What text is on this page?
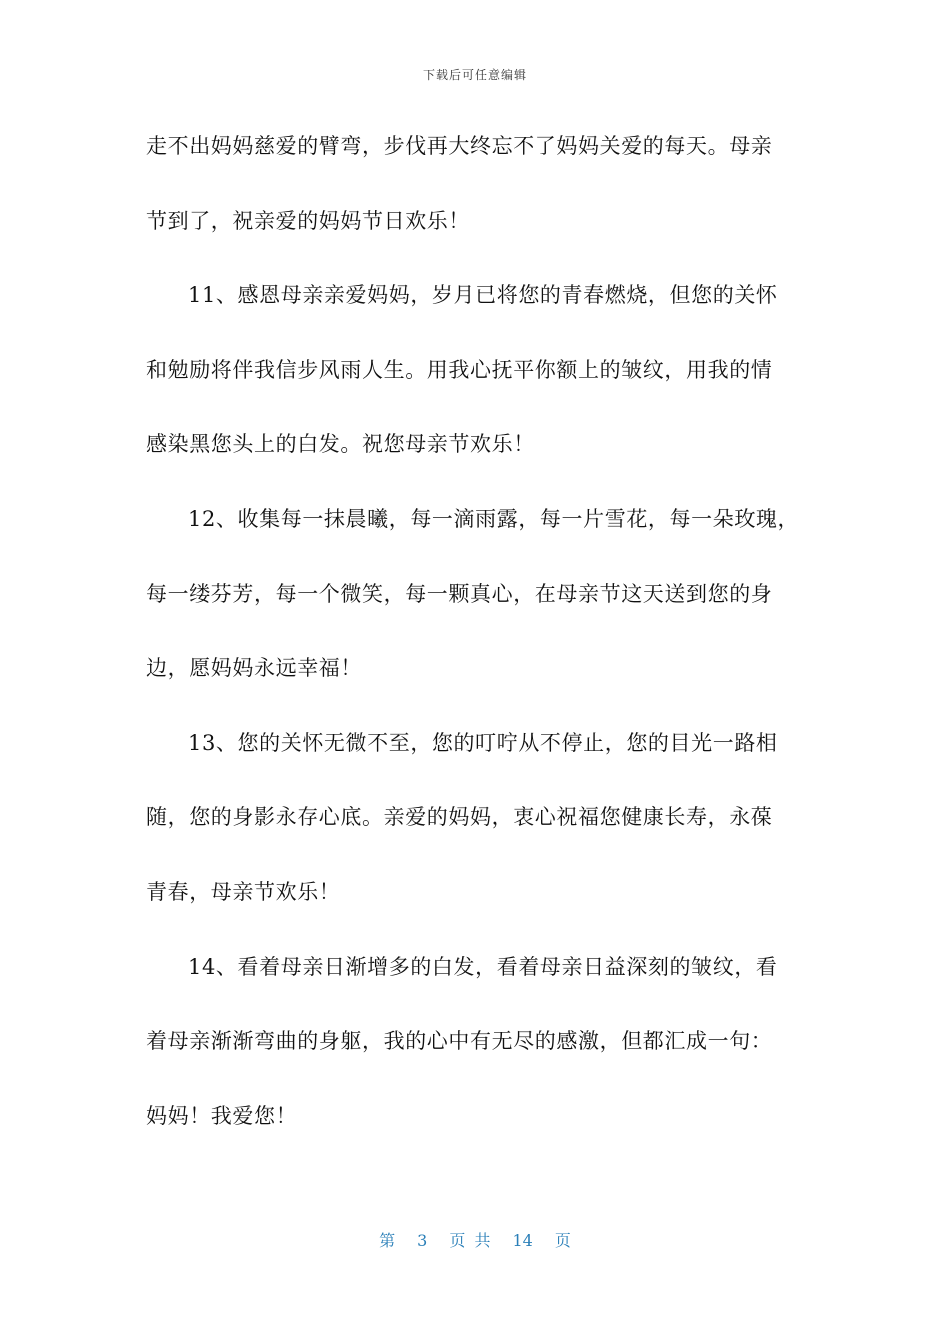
下载后可任意编辑
走不出妈妈慈爱的臂弯，步伐再大终忘不了妈妈关爱的每天。母亲
节到了，祝亲爱的妈妈节日欢乐！
11、感恩母亲亲爱妈妈，岁月已将您的青春燃烧，但您的关怀
和勉励将伴我信步风雨人生。用我心抚平你额上的皱纹，用我的情
感染黑您头上的白发。祝您母亲节欢乐！
12、收集每一抹晨曦，每一滴雨露，每一片雪花，每一朵玫瑰，
每一缕芬芳，每一个微笑，每一颗真心，在母亲节这天送到您的身
边，愿妈妈永远幸福！
13、您的关怀无微不至，您的叮咛从不停止，您的目光一路相
随，您的身影永存心底。亲爱的妈妈，衷心祝福您健康长寿，永葆
青春，母亲节欢乐！
14、看着母亲日渐增多的白发，看着母亲日益深刻的皱纹，看
着母亲渐渐弯曲的身躯，我的心中有无尽的感激，但都汇成一句：
妈妈！我爱您！
第 3 页 共 14 页
